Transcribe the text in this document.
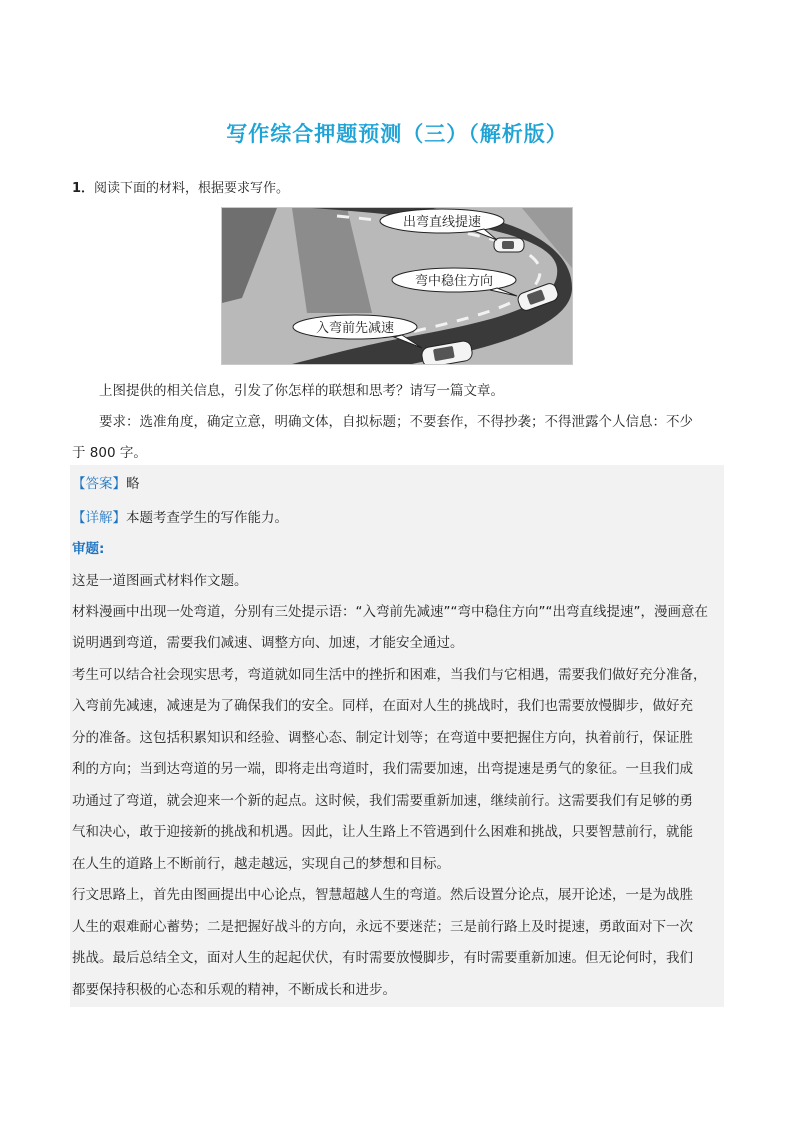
写作综合押题预测（三）（解析版）
1．阅读下面的材料，根据要求写作。
出弯直线提速
弯中稳住方向
入弯前先减速
上图提供的相关信息，引发了你怎样的联想和思考？请写一篇文章。
要求：选准角度，确定立意，明确文体，自拟标题；不要套作，不得抄袭；不得泄露个人信息：不少
于 800 字。
【答案】略
【详解】本题考查学生的写作能力。
审题:
这是一道图画式材料作文题。
材料漫画中出现一处弯道，分别有三处提示语：“入弯前先减速”“弯中稳住方向”“出弯直线提速”，漫画意在
说明遇到弯道，需要我们减速、调整方向、加速，才能安全通过。
考生可以结合社会现实思考，弯道就如同生活中的挫折和困难，当我们与它相遇，需要我们做好充分准备，
入弯前先减速，减速是为了确保我们的安全。同样，在面对人生的挑战时，我们也需要放慢脚步，做好充
分的准备。这包括积累知识和经验、调整心态、制定计划等；在弯道中要把握住方向，执着前行，保证胜
利的方向；当到达弯道的另一端，即将走出弯道时，我们需要加速，出弯提速是勇气的象征。一旦我们成
功通过了弯道，就会迎来一个新的起点。这时候，我们需要重新加速，继续前行。这需要我们有足够的勇
气和决心，敢于迎接新的挑战和机遇。因此，让人生路上不管遇到什么困难和挑战，只要智慧前行，就能
在人生的道路上不断前行，越走越远，实现自己的梦想和目标。
行文思路上，首先由图画提出中心论点，智慧超越人生的弯道。然后设置分论点，展开论述，一是为战胜
人生的艰难耐心蓄势；二是把握好战斗的方向，永远不要迷茫；三是前行路上及时提速，勇敢面对下一次
挑战。最后总结全文，面对人生的起起伏伏，有时需要放慢脚步，有时需要重新加速。但无论何时，我们
都要保持积极的心态和乐观的精神，不断成长和进步。
